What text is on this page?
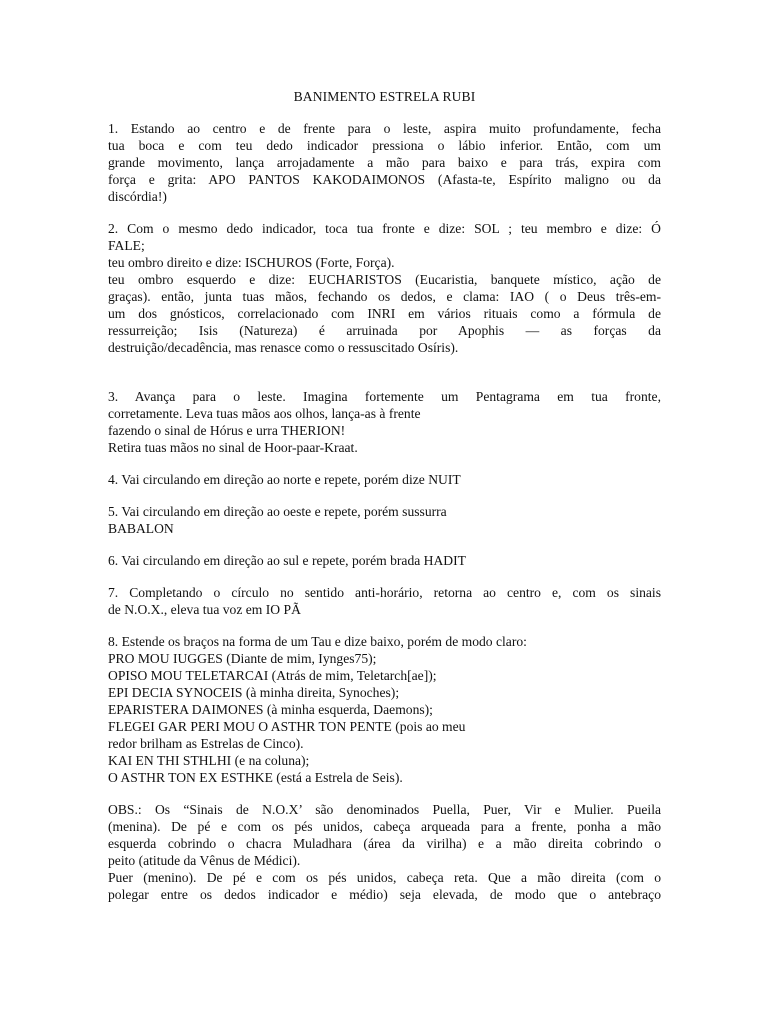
BANIMENTO ESTRELA RUBI
1. Estando ao centro e de frente para o leste, aspira muito profundamente, fecha
tua boca e com teu dedo indicador pressiona o lábio inferior. Então, com um
grande movimento, lança arrojadamente a mão para baixo e para trás, expira com
força e grita: APO PANTOS KAKODAIMONOS (Afasta-te, Espírito maligno ou da
discórdia!)
2. Com o mesmo dedo indicador, toca tua fronte e dize: SOL ; teu membro e dize: Ó
FALE;
teu ombro direito e dize: ISCHUROS (Forte, Força).
teu ombro esquerdo e dize: EUCHARISTOS (Eucaristia, banquete místico, ação de
graças). então, junta tuas mãos, fechando os dedos, e clama: IAO ( o Deus três-em-
um dos gnósticos, correlacionado com INRI em vários rituais como a fórmula de
ressurreição; Isis (Natureza) é arruinada por Apophis — as forças da
destruição/decadência, mas renasce como o ressuscitado Osíris).
3. Avança para o leste. Imagina fortemente um Pentagrama em tua fronte,
corretamente. Leva tuas mãos aos olhos, lança-as à frente
fazendo o sinal de Hórus e urra THERION!
Retira tuas mãos no sinal de Hoor-paar-Kraat.
4. Vai circulando em direção ao norte e repete, porém dize NUIT
5. Vai circulando em direção ao oeste e repete, porém sussurra
BABALON
6. Vai circulando em direção ao sul e repete, porém brada HADIT
7. Completando o círculo no sentido anti-horário, retorna ao centro e, com os sinais
de N.O.X., eleva tua voz em IO PÃ
8. Estende os braços na forma de um Tau e dize baixo, porém de modo claro:
PRO MOU IUGGES (Diante de mim, Iynges75);
OPISO MOU TELETARCAI (Atrás de mim, Teletarch[ae]);
EPI DECIA SYNOCEIS (à minha direita, Synoches);
EPARISTERA DAIMONES (à minha esquerda, Daemons);
FLEGEI GAR PERI MOU O ASTHR TON PENTE (pois ao meu
redor brilham as Estrelas de Cinco).
KAI EN THI STHLHI (e na coluna);
O ASTHR TON EX ESTHKE (está a Estrela de Seis).
OBS.: Os “Sinais de N.O.X’ são denominados Puella, Puer, Vir e Mulier. Pueila
(menina). De pé e com os pés unidos, cabeça arqueada para a frente, ponha a mão
esquerda cobrindo o chacra Muladhara (área da virilha) e a mão direita cobrindo o
peito (atitude da Vênus de Médici).
Puer (menino). De pé e com os pés unidos, cabeça reta. Que a mão direita (com o
polegar entre os dedos indicador e médio) seja elevada, de modo que o antebraço
